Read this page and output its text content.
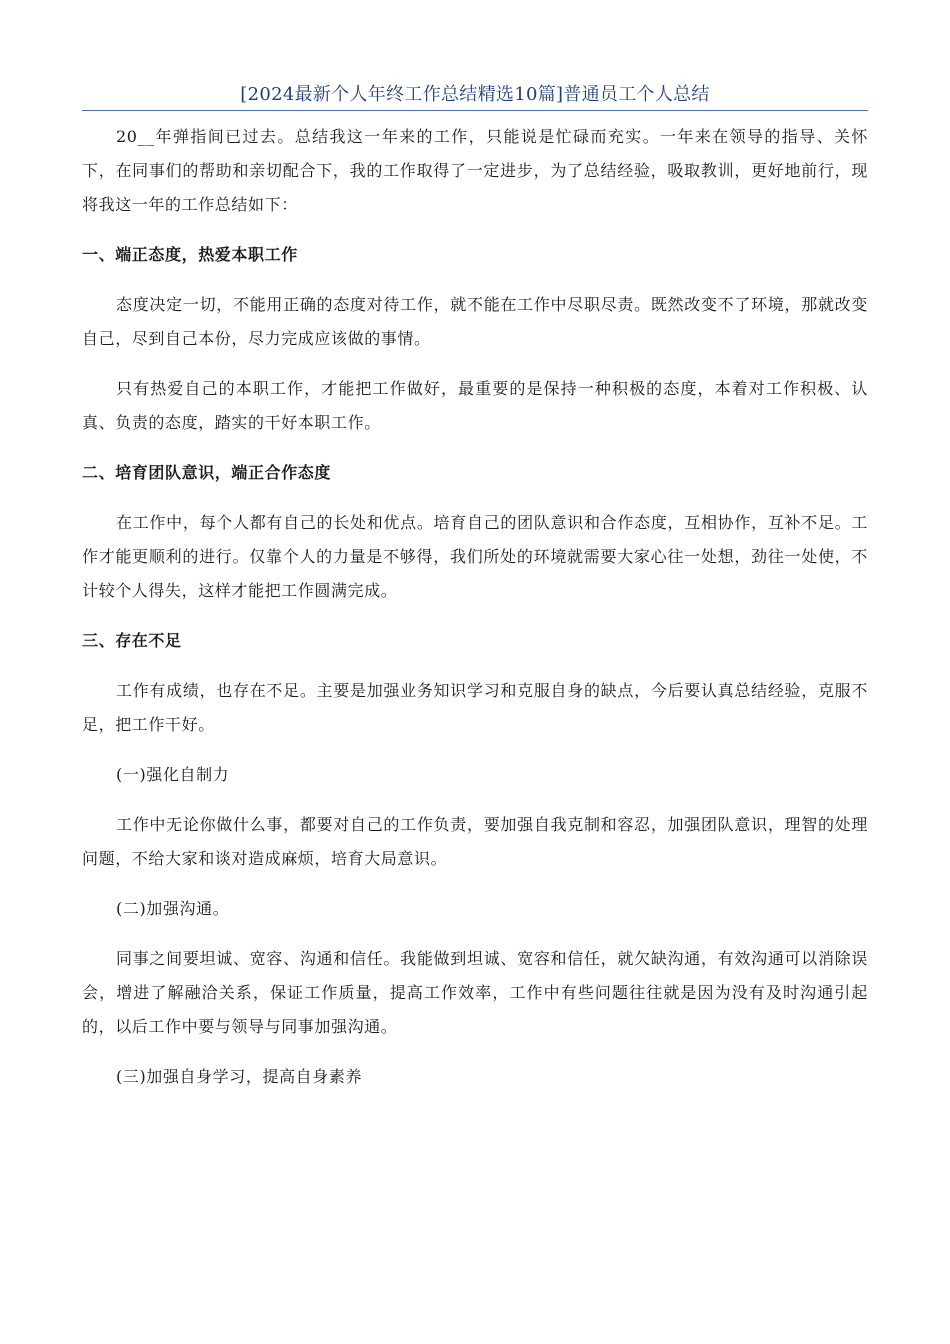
[2024最新个人年终工作总结精选10篇]普通员工个人总结

20__年弹指间已过去。总结我这一年来的工作，只能说是忙碌而充实。一年来在领导的指导、关怀下，在同事们的帮助和亲切配合下，我的工作取得了一定进步，为了总结经验，吸取教训，更好地前行，现将我这一年的工作总结如下：

一、端正态度，热爱本职工作

态度决定一切，不能用正确的态度对待工作，就不能在工作中尽职尽责。既然改变不了环境，那就改变自己，尽到自己本份，尽力完成应该做的事情。

只有热爱自己的本职工作，才能把工作做好，最重要的是保持一种积极的态度，本着对工作积极、认真、负责的态度，踏实的干好本职工作。

二、培育团队意识，端正合作态度

在工作中，每个人都有自己的长处和优点。培育自己的团队意识和合作态度，互相协作，互补不足。工作才能更顺利的进行。仅靠个人的力量是不够得，我们所处的环境就需要大家心往一处想，劲往一处使，不计较个人得失，这样才能把工作圆满完成。

三、存在不足

工作有成绩，也存在不足。主要是加强业务知识学习和克服自身的缺点，今后要认真总结经验，克服不足，把工作干好。

(一)强化自制力

工作中无论你做什么事，都要对自己的工作负责，要加强自我克制和容忍，加强团队意识，理智的处理问题，不给大家和谈对造成麻烦，培育大局意识。

(二)加强沟通。

同事之间要坦诚、宽容、沟通和信任。我能做到坦诚、宽容和信任，就欠缺沟通，有效沟通可以消除误会，增进了解融洽关系，保证工作质量，提高工作效率，工作中有些问题往往就是因为没有及时沟通引起的，以后工作中要与领导与同事加强沟通。

(三)加强自身学习，提高自身素养
